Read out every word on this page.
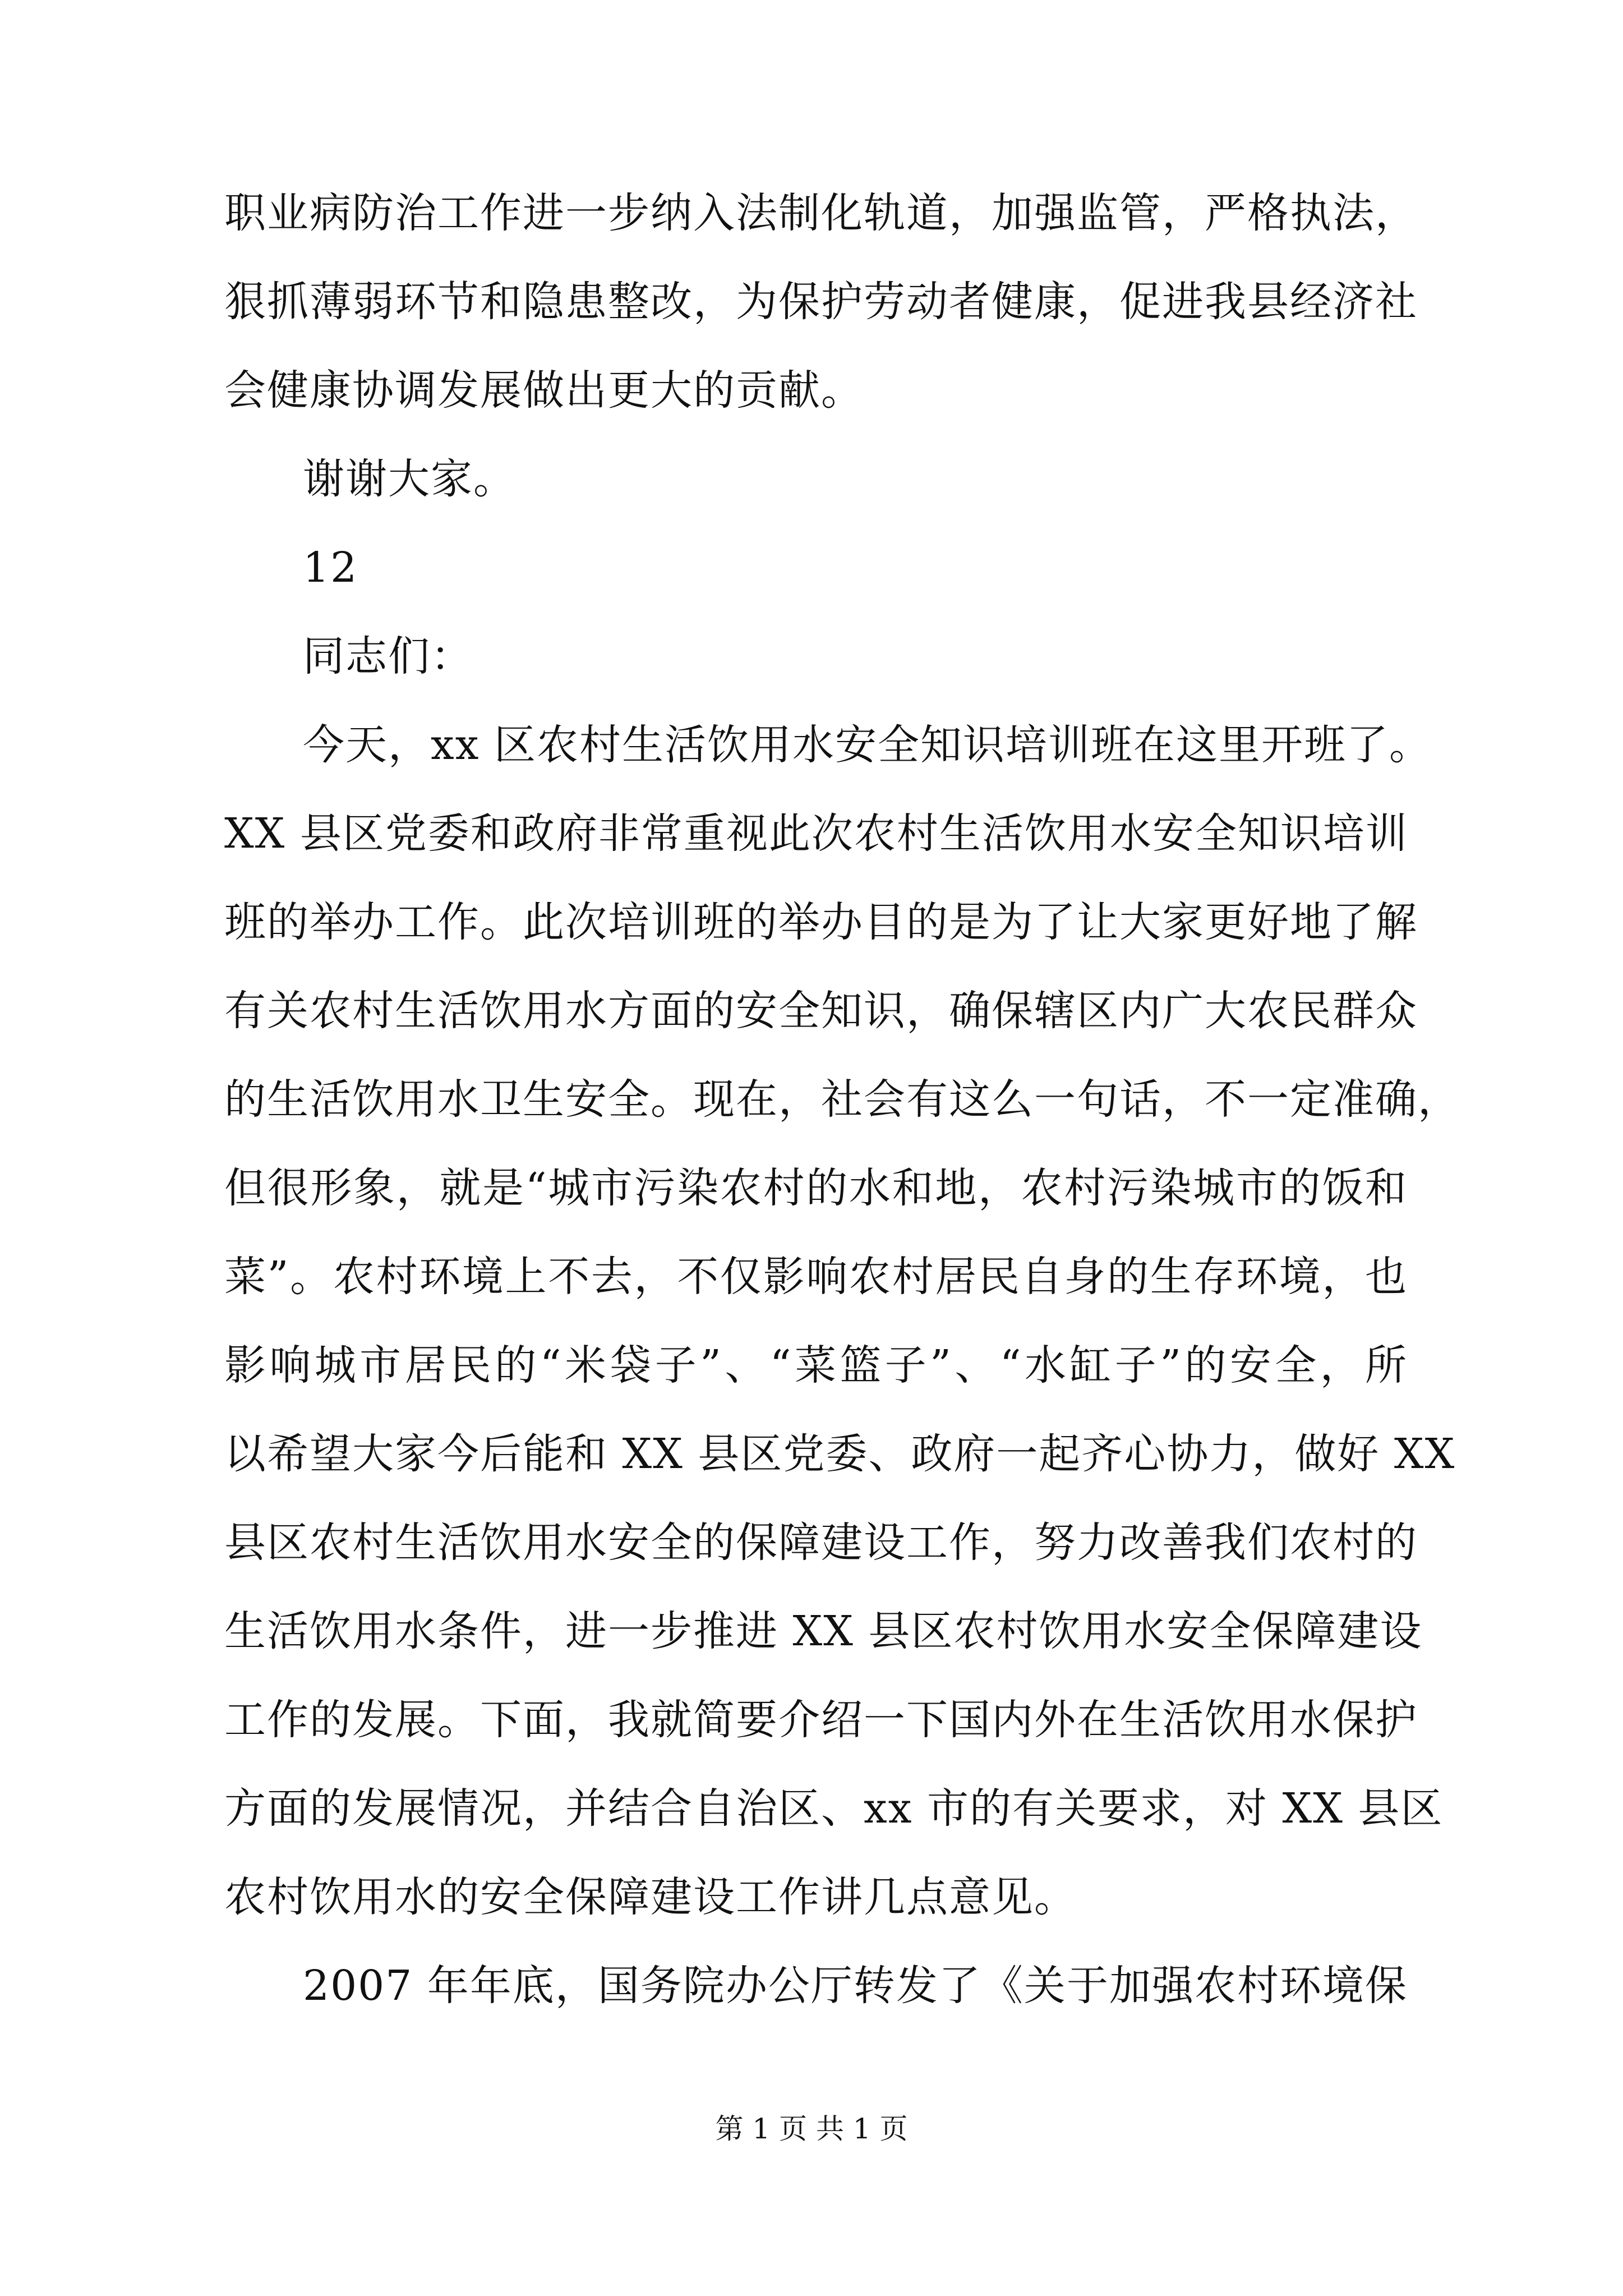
职业病防治工作进一步纳入法制化轨道，加强监管，严格执法，
狠抓薄弱环节和隐患整改，为保护劳动者健康，促进我县经济社
会健康协调发展做出更大的贡献。
谢谢大家。
12
同志们：
今天，xx 区农村生活饮用水安全知识培训班在这里开班了。
XX 县区党委和政府非常重视此次农村生活饮用水安全知识培训
班的举办工作。此次培训班的举办目的是为了让大家更好地了解
有关农村生活饮用水方面的安全知识，确保辖区内广大农民群众
的生活饮用水卫生安全。现在，社会有这么一句话，不一定准确，
但很形象，就是“城市污染农村的水和地，农村污染城市的饭和
菜”。农村环境上不去，不仅影响农村居民自身的生存环境，也
影响城市居民的“米袋子”、“菜篮子”、“水缸子”的安全，所
以希望大家今后能和 XX 县区党委、政府一起齐心协力，做好 XX
县区农村生活饮用水安全的保障建设工作，努力改善我们农村的
生活饮用水条件，进一步推进 XX 县区农村饮用水安全保障建设
工作的发展。下面，我就简要介绍一下国内外在生活饮用水保护
方面的发展情况，并结合自治区、xx 市的有关要求，对 XX 县区
农村饮用水的安全保障建设工作讲几点意见。
2007 年年底，国务院办公厅转发了《关于加强农村环境保
第 1 页 共 1 页
